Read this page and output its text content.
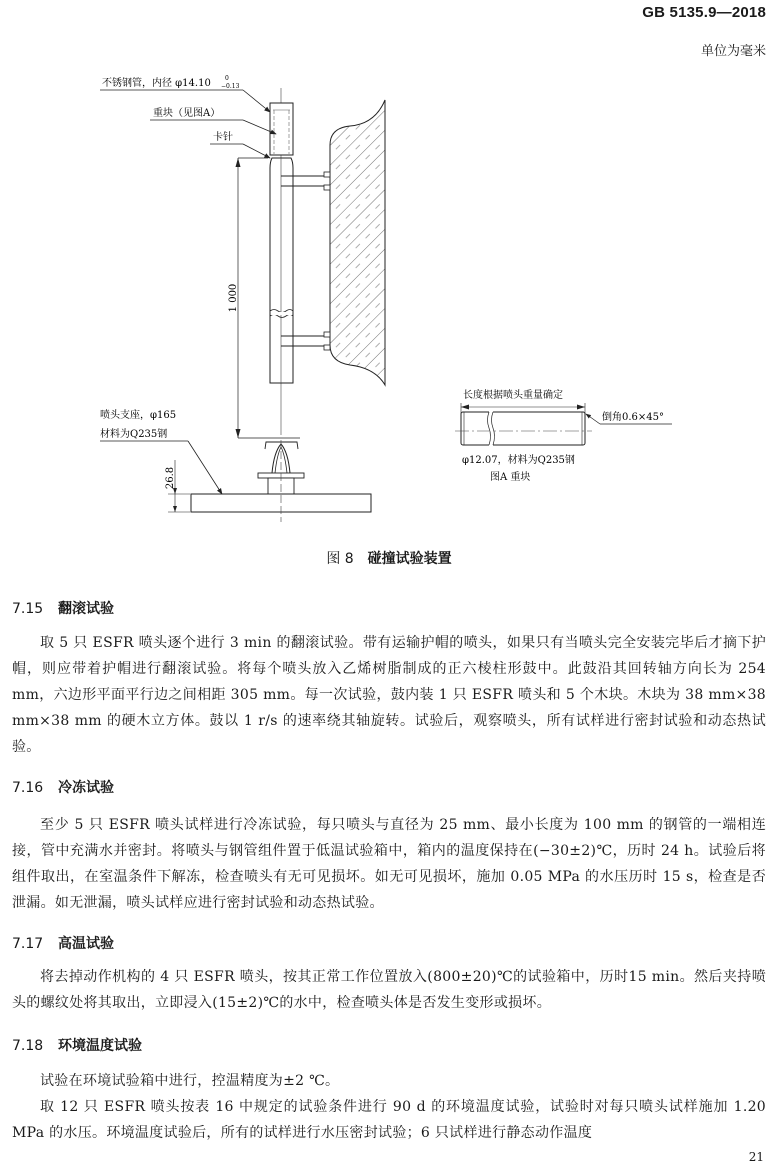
GB 5135.9—2018
单位为毫米
不锈钢管，内径 φ14.10 0
−0.13
重块（见图A）
卡针
1 000
喷头支座，φ165
材料为Q235钢
26.8
长度根据喷头重量确定
倒角0.6×45°
φ12.07，材料为Q235钢
图A 重块
图 8 碰撞试验装置
7.15 翻滚试验
取 5 只 ESFR 喷头逐个进行 3 min 的翻滚试验。带有运输护帽的喷头，如果只有当喷头完全安装完毕后才摘下护帽，则应带着护帽进行翻滚试验。将每个喷头放入乙烯树脂制成的正六棱柱形鼓中。此鼓沿其回转轴方向长为 254 mm，六边形平面平行边之间相距 305 mm。每一次试验，鼓内装 1 只 ESFR 喷头和 5 个木块。木块为 38 mm×38 mm×38 mm 的硬木立方体。鼓以 1 r/s 的速率绕其轴旋转。试验后，观察喷头，所有试样进行密封试验和动态热试验。
7.16 冷冻试验
至少 5 只 ESFR 喷头试样进行冷冻试验，每只喷头与直径为 25 mm、最小长度为 100 mm 的钢管的一端相连接，管中充满水并密封。将喷头与钢管组件置于低温试验箱中，箱内的温度保持在(−30±2)℃，历时 24 h。试验后将组件取出，在室温条件下解冻，检查喷头有无可见损坏。如无可见损坏，施加 0.05 MPa 的水压历时 15 s，检查是否泄漏。如无泄漏，喷头试样应进行密封试验和动态热试验。
7.17 高温试验
将去掉动作机构的 4 只 ESFR 喷头，按其正常工作位置放入(800±20)℃的试验箱中，历时15 min。然后夹持喷头的螺纹处将其取出，立即浸入(15±2)℃的水中，检查喷头体是否发生变形或损坏。
7.18 环境温度试验
试验在环境试验箱中进行，控温精度为±2 ℃。
取 12 只 ESFR 喷头按表 16 中规定的试验条件进行 90 d 的环境温度试验，试验时对每只喷头试样施加 1.20 MPa 的水压。环境温度试验后，所有的试样进行水压密封试验；6 只试样进行静态动作温度
21
